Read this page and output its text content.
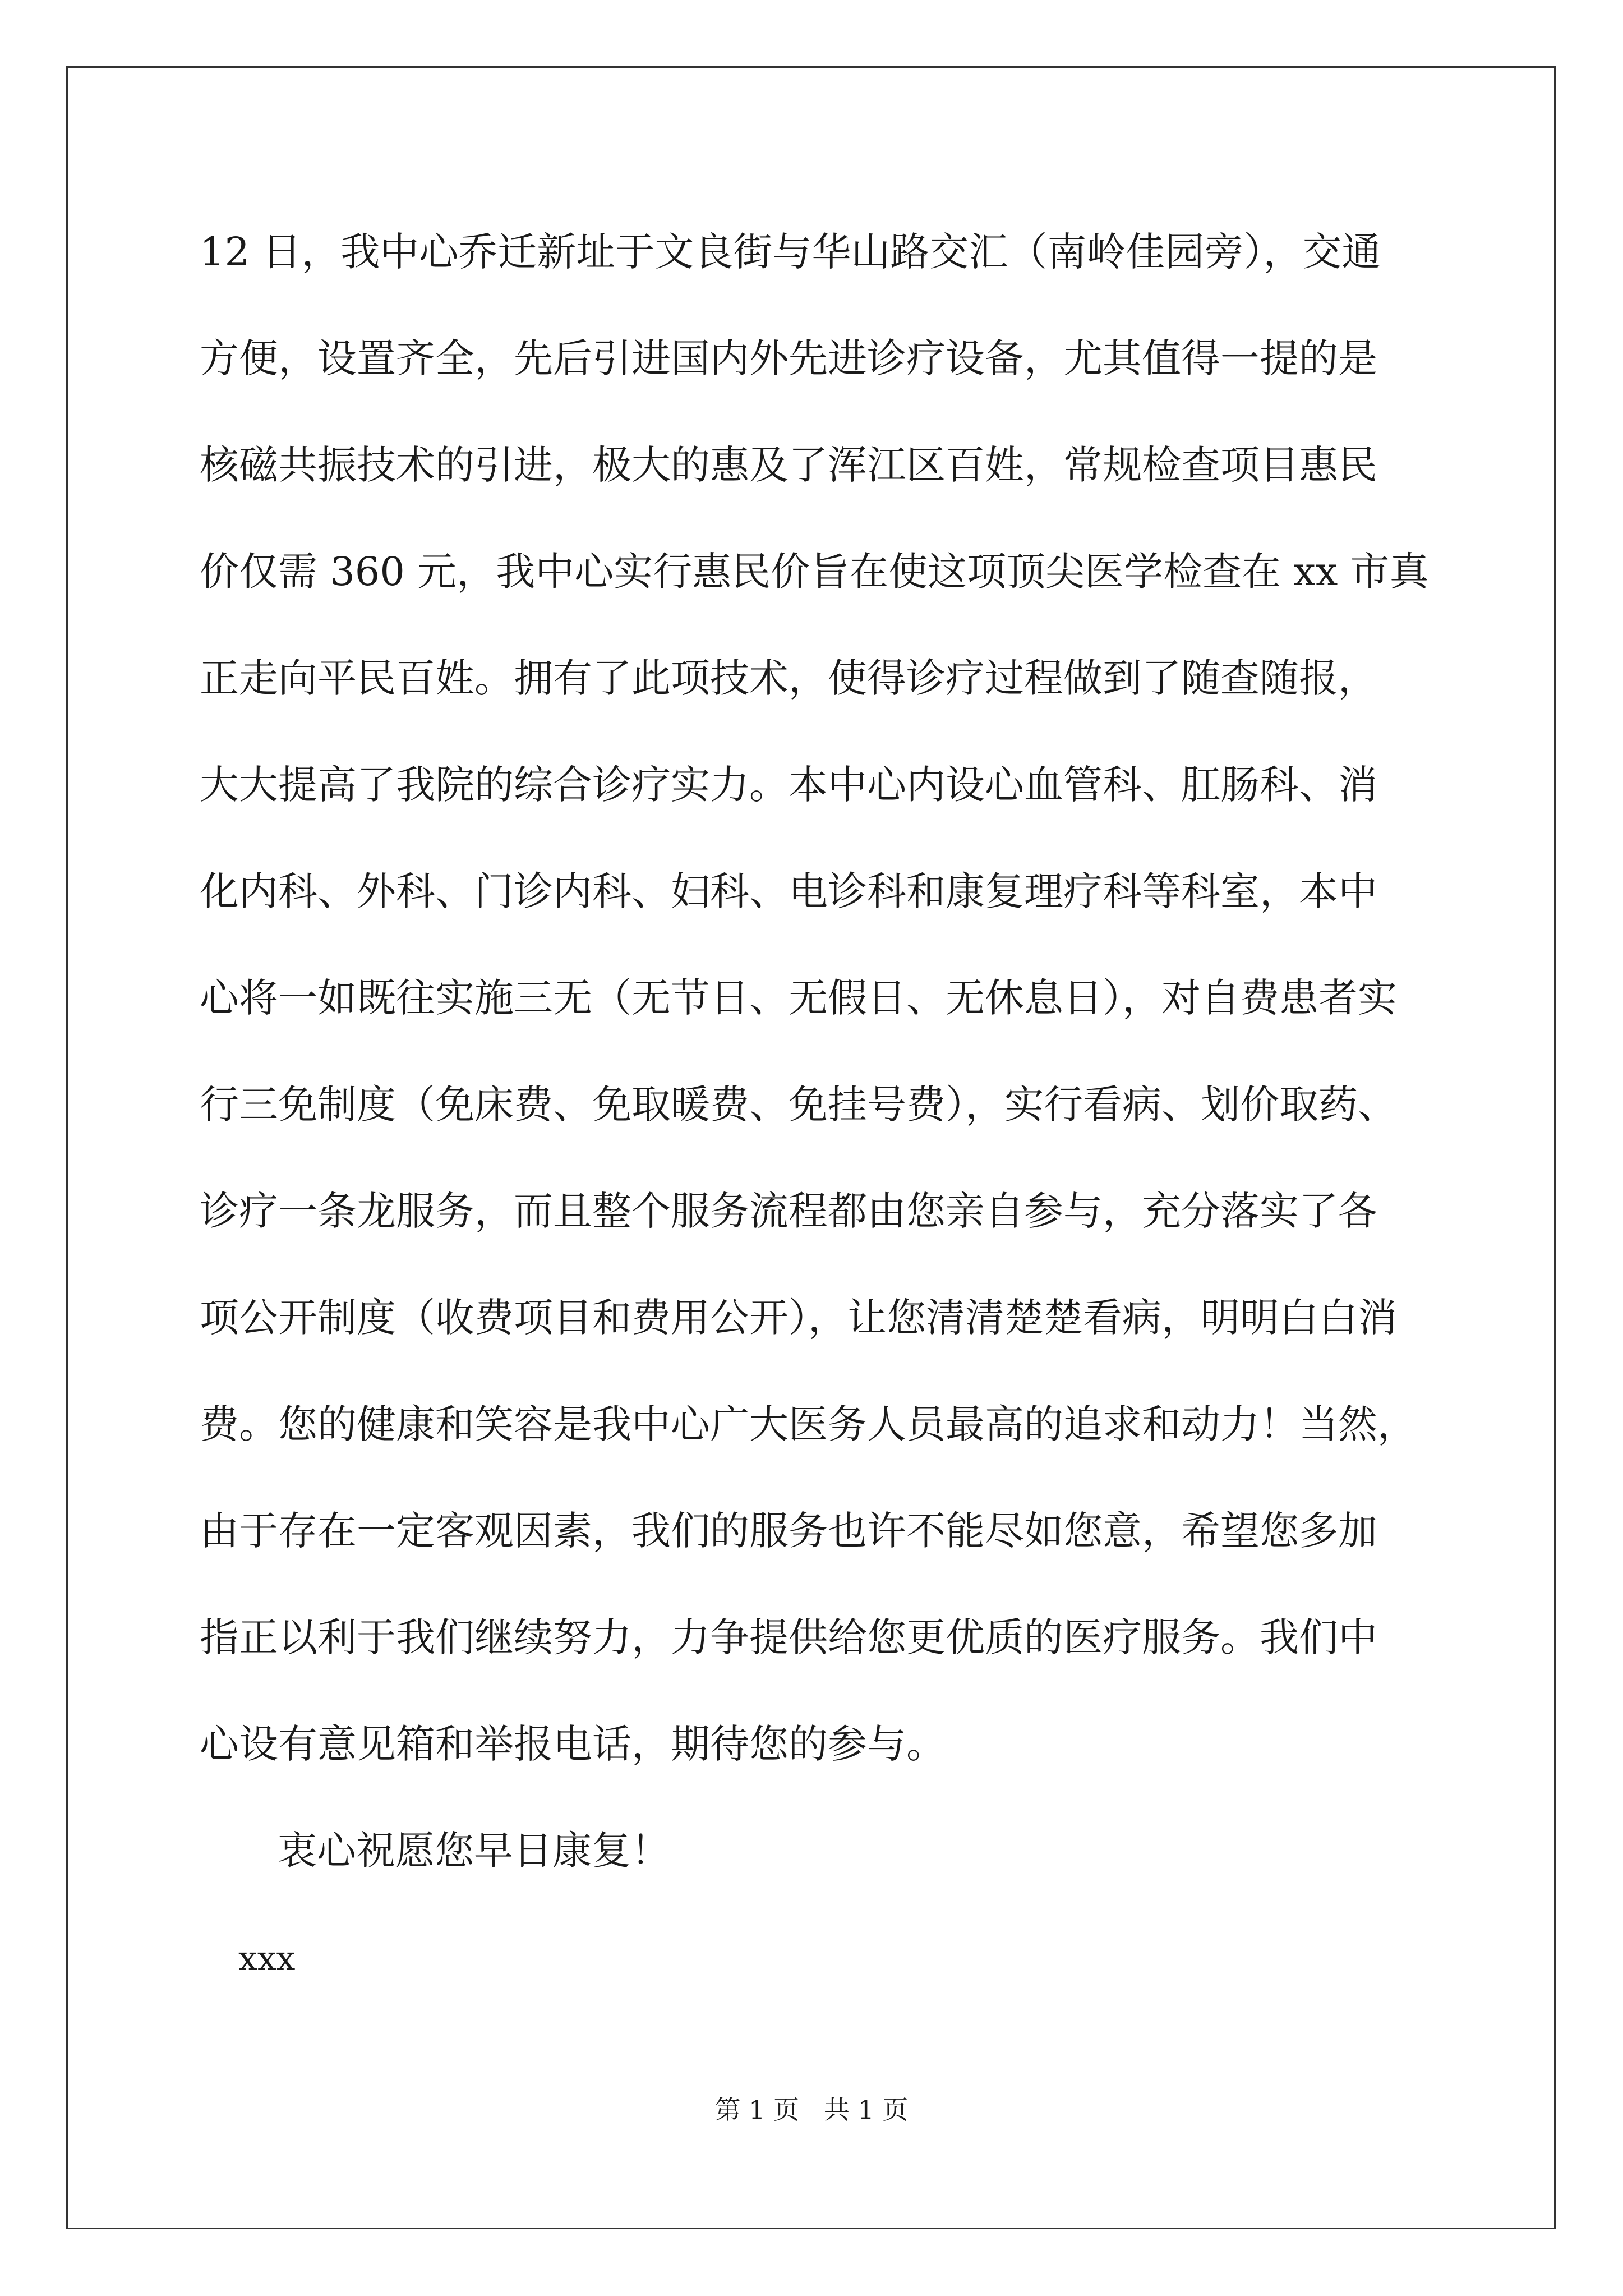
12 日，我中心乔迁新址于文良街与华山路交汇（南岭佳园旁），交通
方便，设置齐全，先后引进国内外先进诊疗设备，尤其值得一提的是
核磁共振技术的引进，极大的惠及了浑江区百姓，常规检查项目惠民
价仅需 360 元，我中心实行惠民价旨在使这项顶尖医学检查在 xx 市真
正走向平民百姓。拥有了此项技术，使得诊疗过程做到了随查随报，
大大提高了我院的综合诊疗实力。本中心内设心血管科、肛肠科、消
化内科、外科、门诊内科、妇科、电诊科和康复理疗科等科室，本中
心将一如既往实施三无（无节日、无假日、无休息日），对自费患者实
行三免制度（免床费、免取暖费、免挂号费），实行看病、划价取药、
诊疗一条龙服务，而且整个服务流程都由您亲自参与，充分落实了各
项公开制度（收费项目和费用公开），让您清清楚楚看病，明明白白消
费。您的健康和笑容是我中心广大医务人员最高的追求和动力！当然，
由于存在一定客观因素，我们的服务也许不能尽如您意，希望您多加
指正以利于我们继续努力，力争提供给您更优质的医疗服务。我们中
心设有意见箱和举报电话，期待您的参与。
衷心祝愿您早日康复！
xxx
第 1 页   共 1 页
